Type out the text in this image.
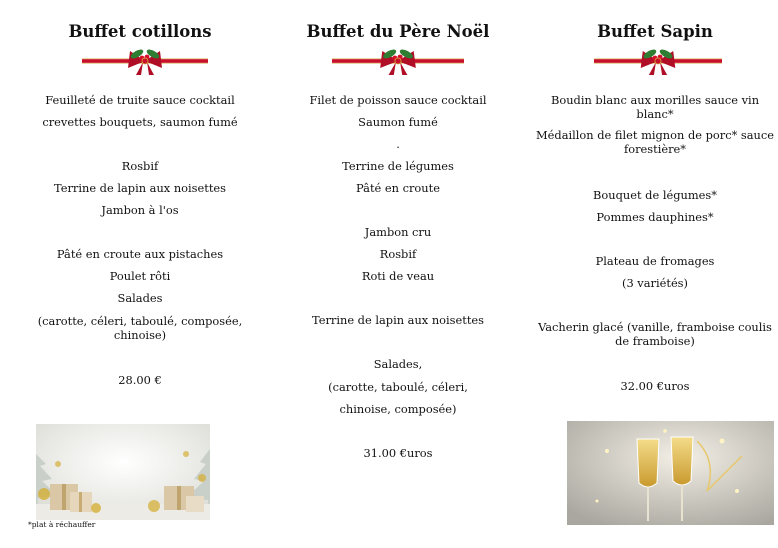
Buffet cotillons

Feuilleté de truite sauce cocktail

crevettes bouquets, saumon fumé

Rosbif

Terrine de lapin aux noisettes

Jambon à l'os

Pâté en croute aux pistaches

Poulet rôti

Salades

(carotte, céleri, taboulé, composée, chinoise)

28.00 €

Buffet du Père Noël

Filet de poisson sauce cocktail

Saumon fumé

.

Terrine de légumes

Pâté en croute

Jambon cru

Rosbif

Roti de veau

Terrine de lapin aux noisettes

Salades,

(carotte, taboulé, céleri,

chinoise, composée)

31.00 €uros

Buffet Sapin

Boudin blanc aux morilles sauce vin blanc*

Médaillon de filet mignon de porc* sauce forestière*

Bouquet de légumes*

Pommes dauphines*

Plateau de fromages

(3 variétés)

Vacherin glacé (vanille, framboise coulis de framboise)

32.00 €uros

*plat à réchauffer
